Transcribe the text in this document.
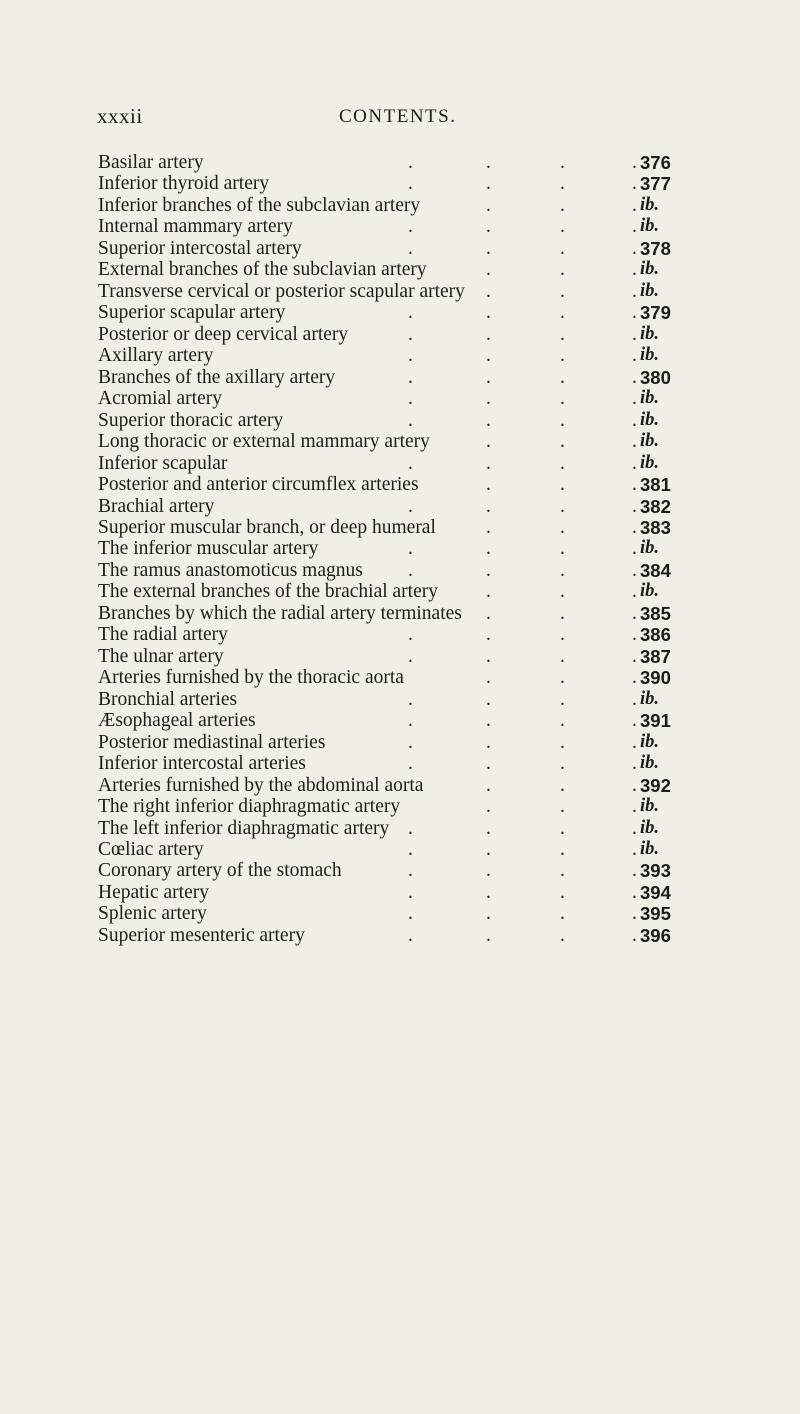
xxxii	CONTENTS.
Basilar artery	.	.	.	. 376
Inferior thyroid artery	.	.	.	. 377
Inferior branches of the subclavian artery	.	.	. ib.
Internal mammary artery	.	.	.	. ib.
Superior intercostal artery	.	.	.	. 378
External branches of the subclavian artery	.	.	. ib.
Transverse cervical or posterior scapular artery .	.	. ib.
Superior scapular artery	.	.	.	. 379
Posterior or deep cervical artery	.	.	.	. ib.
Axillary artery	.	.	.	. ib.
Branches of the axillary artery	.	.	.	. 380
Acromial artery	.	.	.	. ib.
Superior thoracic artery	.	.	.	. ib.
Long thoracic or external mammary artery	.	.	. ib.
Inferior scapular	.	.	.	. ib.
Posterior and anterior circumflex arteries	.	.	. 381
Brachial artery	.	.	.	. 382
Superior muscular branch, or deep humeral	.	.	. 383
The inferior muscular artery	.	.	.	. ib.
The ramus anastomoticus magnus .	.	.	. 384
The external branches of the brachial artery .	.	. ib.
Branches by which the radial artery terminates .	.	. 385
The radial artery	.	.	.	. 386
The ulnar artery	.	.	.	. 387
Arteries furnished by the thoracic aorta	.	.	. 390
Bronchial arteries	.	.	.	. ib.
Æsophageal arteries	.	.	.	. 391
Posterior mediastinal arteries	.	.	.	. ib.
Inferior intercostal arteries	.	.	.	. ib.
Arteries furnished by the abdominal aorta	.	.	. 392
The right inferior diaphragmatic artery	.	.	. ib.
The left inferior diaphragmatic artery .	.	.	. ib.
Cœliac artery	.	.	.	. ib.
Coronary artery of the stomach	.	.	.	. 393
Hepatic artery	.	.	.	. 394
Splenic artery	.	.	.	. 395
Superior mesenteric artery	.	.	.	. 396
